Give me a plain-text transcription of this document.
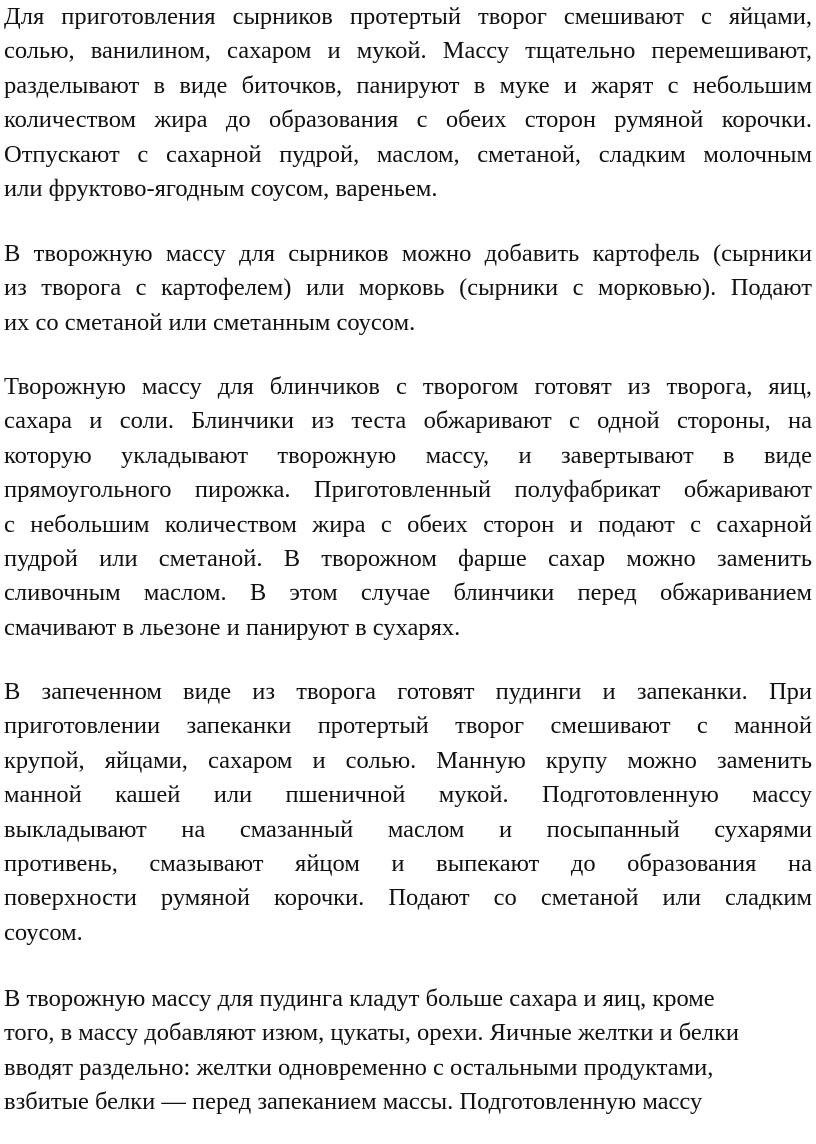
Для приготовления сырников протертый творог смешивают с яйцами,
солью, ванилином, сахаром и мукой. Массу тщательно перемешивают,
разделывают в виде биточков, панируют в муке и жарят с небольшим
количеством жира до образования с обеих сторон румяной корочки.
Отпускают с сахарной пудрой, маслом, сметаной, сладким молочным
или фруктово-ягодным соусом, вареньем.
В творожную массу для сырников можно добавить картофель (сырники
из творога с картофелем) или морковь (сырники с морковью). Подают
их со сметаной или сметанным соусом.
Творожную массу для блинчиков с творогом готовят из творога, яиц,
сахара и соли. Блинчики из теста обжаривают с одной стороны, на
которую укладывают творожную массу, и завертывают в виде
прямоугольного пирожка. Приготовленный полуфабрикат обжаривают
с небольшим количеством жира с обеих сторон и подают с сахарной
пудрой или сметаной. В творожном фарше сахар можно заменить
сливочным маслом. В этом случае блинчики перед обжариванием
смачивают в льезоне и панируют в сухарях.
В запеченном виде из творога готовят пудинги и запеканки. При
приготовлении запеканки протертый творог смешивают с манной
крупой, яйцами, сахаром и солью. Манную крупу можно заменить
манной кашей или пшеничной мукой. Подготовленную массу
выкладывают на смазанный маслом и посыпанный сухарями
противень, смазывают яйцом и выпекают до образования на
поверхности румяной корочки. Подают со сметаной или сладким
соусом.
В творожную массу для пудинга кладут больше сахара и яиц, кроме
того, в массу добавляют изюм, цукаты, орехи. Яичные желтки и белки
вводят раздельно: желтки одновременно с остальными продуктами,
взбитые белки — перед запеканием массы. Подготовленную массу
